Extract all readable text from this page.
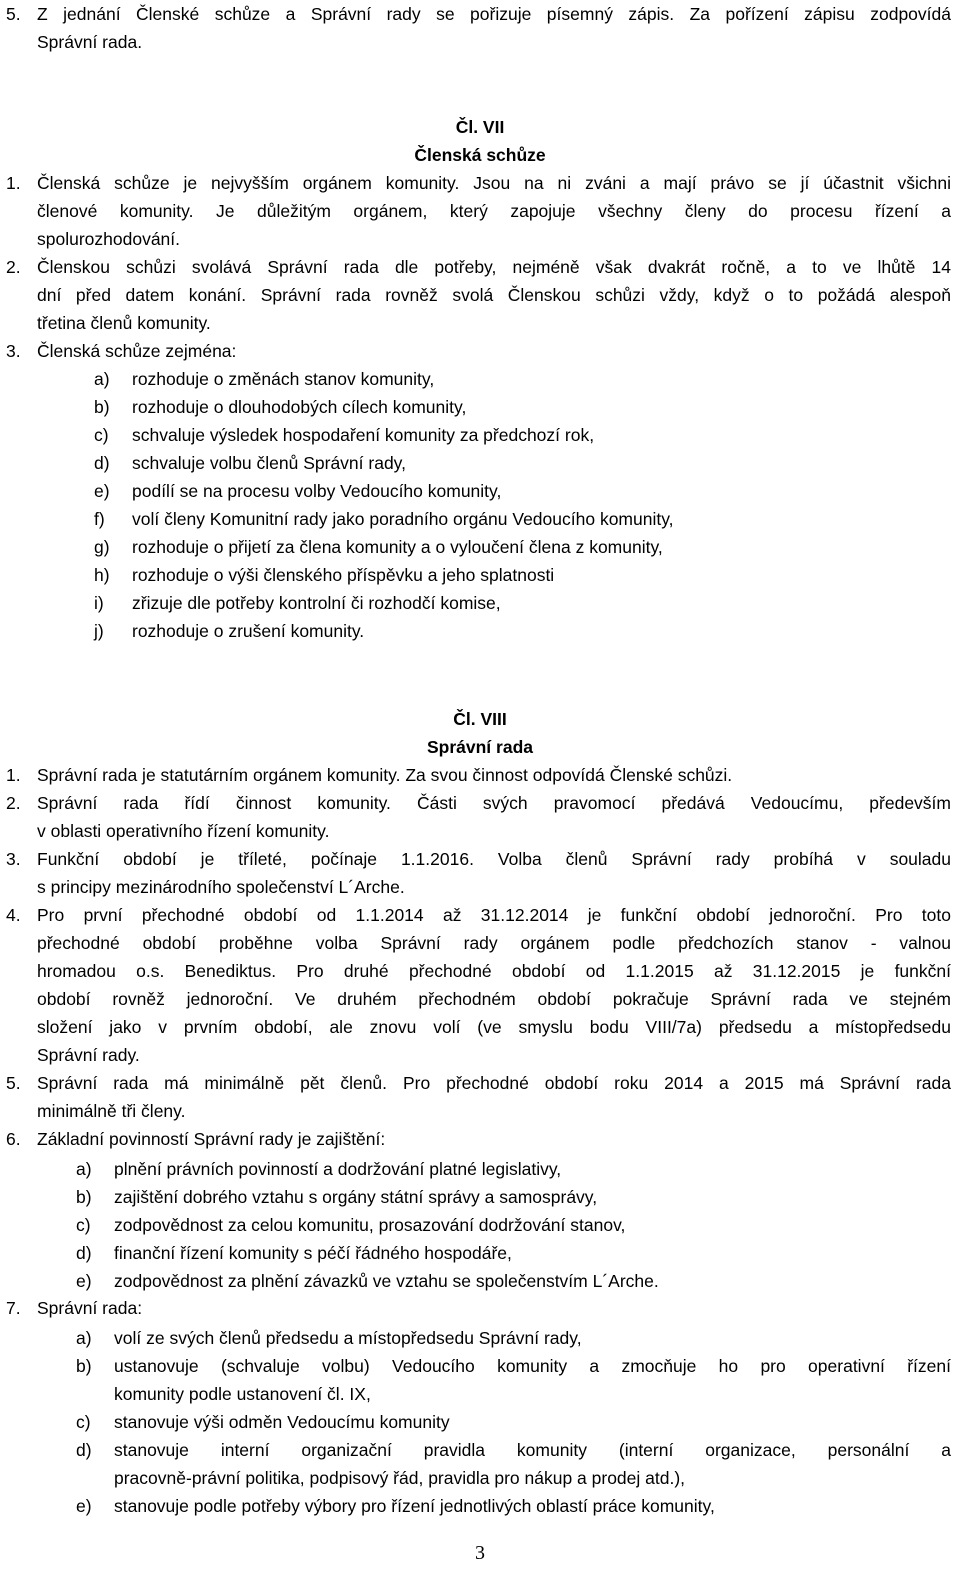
5. Z jednání Členské schůze a Správní rady se pořizuje písemný zápis. Za pořízení zápisu zodpovídá
Správní rada.
Čl. VII
Členská schůze
1. Členská schůze je nejvyšším orgánem komunity. Jsou na ni zváni a mají právo se jí účastnit všichni
členové komunity. Je důležitým orgánem, který zapojuje všechny členy do procesu řízení a
spolurozhodování.
2. Členskou schůzi svolává Správní rada dle potřeby, nejméně však dvakrát ročně, a to ve lhůtě 14
dní před datem konání. Správní rada rovněž svolá Členskou schůzi vždy, když o to požádá alespoň
třetina členů komunity.
3. Členská schůze zejména:
a) rozhoduje o změnách stanov komunity,
b) rozhoduje o dlouhodobých cílech komunity,
c) schvaluje výsledek hospodaření komunity za předchozí rok,
d) schvaluje volbu členů Správní rady,
e) podílí se na procesu volby Vedoucího komunity,
f) volí členy Komunitní rady jako poradního orgánu Vedoucího komunity,
g) rozhoduje o přijetí za člena komunity a o vyloučení člena z komunity,
h) rozhoduje o výši členského příspěvku a jeho splatnosti
i) zřizuje dle potřeby kontrolní či rozhodčí komise,
j) rozhoduje o zrušení komunity.
Čl. VIII
Správní rada
1. Správní rada je statutárním orgánem komunity. Za svou činnost odpovídá Členské schůzi.
2. Správní rada řídí činnost komunity. Části svých pravomocí předává Vedoucímu, především
v oblasti operativního řízení komunity.
3. Funkční období je tříleté, počínaje 1.1.2016. Volba členů Správní rady probíhá v souladu
s principy mezinárodního společenství L´Arche.
4. Pro první přechodné období od 1.1.2014 až 31.12.2014 je funkční období jednoroční. Pro toto
přechodné období proběhne volba Správní rady orgánem podle předchozích stanov - valnou
hromadou o.s. Benediktus. Pro druhé přechodné období od 1.1.2015 až 31.12.2015 je funkční
období rovněž jednoroční. Ve druhém přechodném období pokračuje Správní rada ve stejném
složení jako v prvním období, ale znovu volí (ve smyslu bodu VIII/7a) předsedu a místopředsedu
Správní rady.
5. Správní rada má minimálně pět členů. Pro přechodné období roku 2014 a 2015 má Správní rada
minimálně tři členy.
6. Základní povinností Správní rady je zajištění:
a) plnění právních povinností a dodržování platné legislativy,
b) zajištění dobrého vztahu s orgány státní správy a samosprávy,
c) zodpovědnost za celou komunitu, prosazování dodržování stanov,
d) finanční řízení komunity s péčí řádného hospodáře,
e) zodpovědnost za plnění závazků ve vztahu se společenstvím L´Arche.
7. Správní rada:
a) volí ze svých členů předsedu a místopředsedu Správní rady,
b) ustanovuje (schvaluje volbu) Vedoucího komunity a zmocňuje ho pro operativní řízení
komunity podle ustanovení čl. IX,
c) stanovuje výši odměn Vedoucímu komunity
d) stanovuje interní organizační pravidla komunity (interní organizace, personální a
pracovně-právní politika, podpisový řád, pravidla pro nákup a prodej atd.),
e) stanovuje podle potřeby výbory pro řízení jednotlivých oblastí práce komunity,
3
